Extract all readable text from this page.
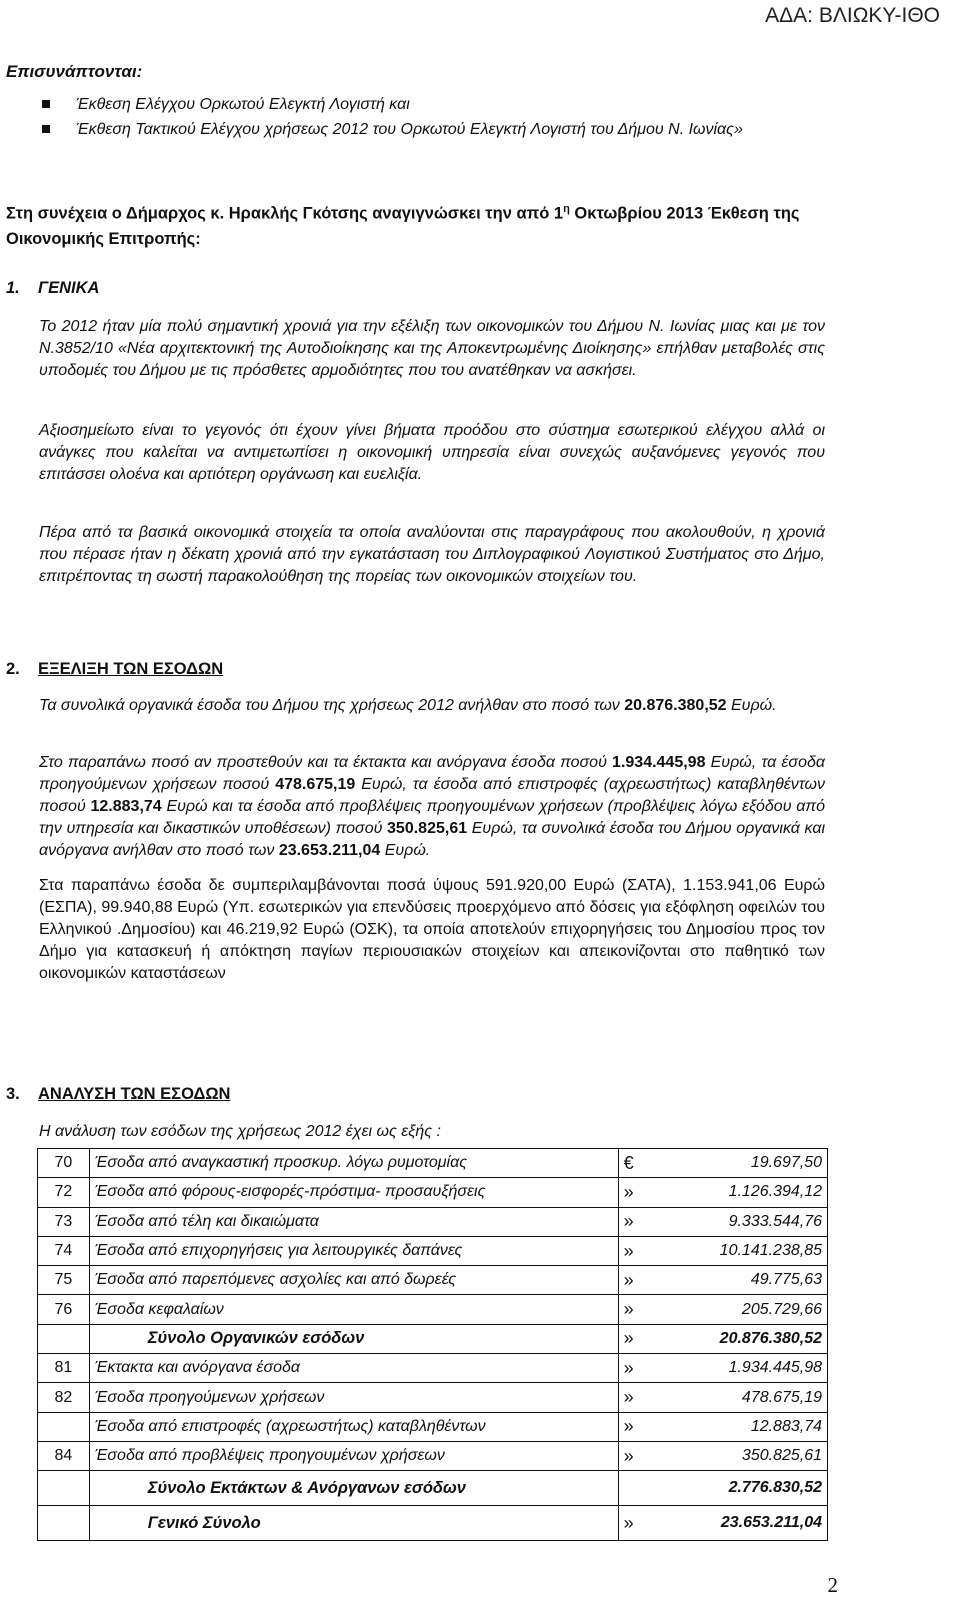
ΑΔΑ: ΒΛΙΩΚΥ-ΙΘΟ
Επισυνάπτονται:
Έκθεση Ελέγχου Ορκωτού Ελεγκτή Λογιστή και
Έκθεση Τακτικού Ελέγχου χρήσεως 2012 του Ορκωτού Ελεγκτή Λογιστή του Δήμου Ν. Ιωνίας»
Στη συνέχεια ο Δήμαρχος κ. Ηρακλής Γκότσης αναγιγνώσκει την από $1^\eta$ Οκτωβρίου 2013 Έκθεση της Οικονομικής Επιτροπής:
1. ΓΕΝΙΚΑ

Το 2012 ήταν μία πολύ σημαντική χρονιά για την εξέλιξη των οικονομικών του Δήμου Ν. Ιωνίας μιας και με τον Ν.3852/10 «Νέα αρχιτεκτονική της Αυτοδιοίκησης και της Αποκεντρωμένης Διοίκησης» επήλθαν μεταβολές στις υποδομές του Δήμου με τις πρόσθετες αρμοδιότητες που του ανατέθηκαν να ασκήσει.

Αξιοσημείωτο είναι το γεγονός ότι έχουν γίνει βήματα προόδου στο σύστημα εσωτερικού ελέγχου αλλά οι ανάγκες που καλείται να αντιμετωπίσει η οικονομική υπηρεσία είναι συνεχώς αυξανόμενες γεγονός που επιτάσσει ολοένα και αρτιότερη οργάνωση και ευελιξία.

Πέρα από τα βασικά οικονομικά στοιχεία τα οποία αναλύονται στις παραγράφους που ακολουθούν, η χρονιά που πέρασε ήταν η δέκατη χρονιά από την εγκατάσταση του Διπλογραφικού Λογιστικού Συστήματος στο Δήμο, επιτρέποντας τη σωστή παρακολούθηση της πορείας των οικονομικών στοιχείων του.

2. ΕΞΕΛΙΞΗ ΤΩΝ ΕΣΟΔΩΝ

Τα συνολικά οργανικά έσοδα του Δήμου της χρήσεως 2012 ανήλθαν στο ποσό των 20.876.380,52 Ευρώ.

Στο παραπάνω ποσό αν προστεθούν και τα έκτακτα και ανόργανα έσοδα ποσού 1.934.445,98 Ευρώ, τα έσοδα προηγούμενων χρήσεων ποσού 478.675,19 Ευρώ, τα έσοδα από επιστροφές (αχρεωστήτως) καταβληθέντων ποσού 12.883,74 Ευρώ και τα έσοδα από προβλέψεις προηγουμένων χρήσεων (προβλέψεις λόγω εξόδου από την υπηρεσία και δικαστικών υποθέσεων) ποσού 350.825,61 Ευρώ, τα συνολικά έσοδα του Δήμου οργανικά και ανόργανα ανήλθαν στο ποσό των 23.653.211,04 Ευρώ.

Στα παραπάνω έσοδα δε συμπεριλαμβάνονται ποσά ύψους 591.920,00 Ευρώ (ΣΑΤΑ), 1.153.941,06 Ευρώ (ΕΣΠΑ), 99.940,88 Ευρώ (Υπ. εσωτερικών για επενδύσεις προερχόμενο από δόσεις για εξόφληση οφειλών του Ελληνικού .Δημοσίου) και 46.219,92 Ευρώ (ΟΣΚ), τα οποία αποτελούν επιχορηγήσεις του Δημοσίου προς τον Δήμο για κατασκευή ή απόκτηση παγίων περιουσιακών στοιχείων και απεικονίζονται στο παθητικό των οικονομικών καταστάσεων

3. ΑΝΑΛΥΣΗ ΤΩΝ ΕΣΟΔΩΝ

Η ανάλυση των εσόδων της χρήσεως 2012 έχει ως εξής :

70	Έσοδα από αναγκαστική προσκυρ. λόγω ρυμοτομίας	€	19.697,50
72	Έσοδα από φόρους-εισφορές-πρόστιμα- προσαυξήσεις	»	1.126.394,12
73	Έσοδα από τέλη και δικαιώματα	»	9.333.544,76
74	Έσοδα από επιχορηγήσεις για λειτουργικές δαπάνες	»	10.141.238,85
75	Έσοδα από παρεπόμενες ασχολίες και από δωρεές	»	49.775,63
76	Έσοδα κεφαλαίων	»	205.729,66
	Σύνολο Οργανικών εσόδων	»	20.876.380,52
81	Έκτακτα και ανόργανα έσοδα	»	1.934.445,98
82	Έσοδα προηγούμενων χρήσεων	»	478.675,19
	Έσοδα από επιστροφές (αχρεωστήτως) καταβληθέντων	»	12.883,74
84	Έσοδα από προβλέψεις προηγουμένων χρήσεων	»	350.825,61
	Σύνολο Εκτάκτων & Ανόργανων εσόδων		2.776.830,52
	Γενικό Σύνολο	»	23.653.211,04
2
